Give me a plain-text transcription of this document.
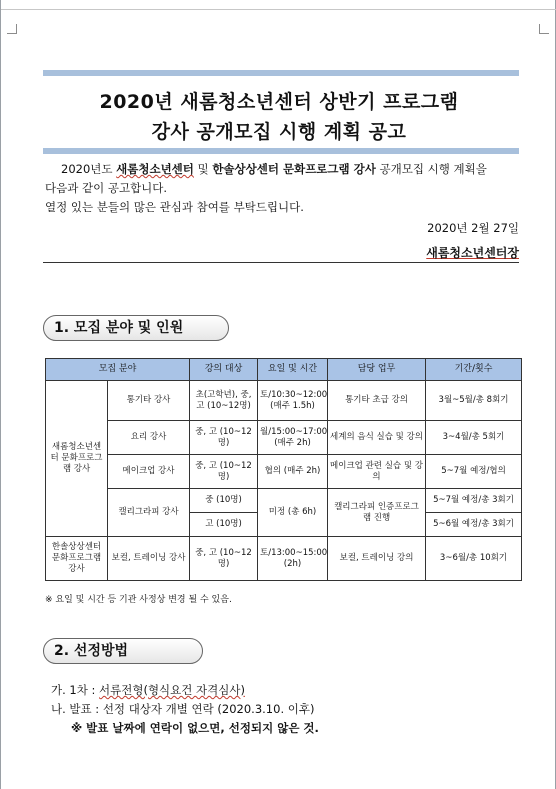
2020년 새롬청소년센터 상반기 프로그램
강사 공개모집 시행 계획 공고
2020년도 새롬청소년센터 및 한솔상상센터 문화프로그램 강사 공개모집 시행 계획을
다음과 같이 공고합니다.
열정 있는 분들의 많은 관심과 참여를 부탁드립니다.
2020년 2월 27일
새롬청소년센터장
1. 모집 분야 및 인원
모집 분야		강의 대상	요일 및 시간	담당 업무	기간/횟수
새롬청소년센터 문화프로그램 강사	통기타 강사	초(고학년), 중, 고 (10~12명)	토/10:30~12:00 (매주 1.5h)	통기타 초급 강의	3월~5월/총 8회기
	요리 강사	중, 고 (10~12명)	월/15:00~17:00 (매주 2h)	세계의 음식 실습 및 강의	3~4월/총 5회기
	메이크업 강사	중, 고 (10~12명)	협의 (매주 2h)	메이크업 관련 실습 및 강의	5~7월 예정/협의
	캘리그라피 강사	중 (10명)	미정 (총 6h)	캘리그라피 인증프로그램 진행	5~7월 예정/총 3회기
		고 (10명)			5~6월 예정/총 3회기
한솔상상센터 문화프로그램 강사	보컬, 트레이닝 강사	중, 고 (10~12명)	토/13:00~15:00 (2h)	보컬, 트레이닝 강의	3~6월/총 10회기
※ 요일 및 시간 등 기관 사정상 변경 될 수 있음.
2. 선정방법
가. 1차 : 서류전형(형식요건 자격심사)
나. 발표 : 선정 대상자 개별 연락 (2020.3.10. 이후)
※ 발표 날짜에 연락이 없으면, 선정되지 않은 것.
